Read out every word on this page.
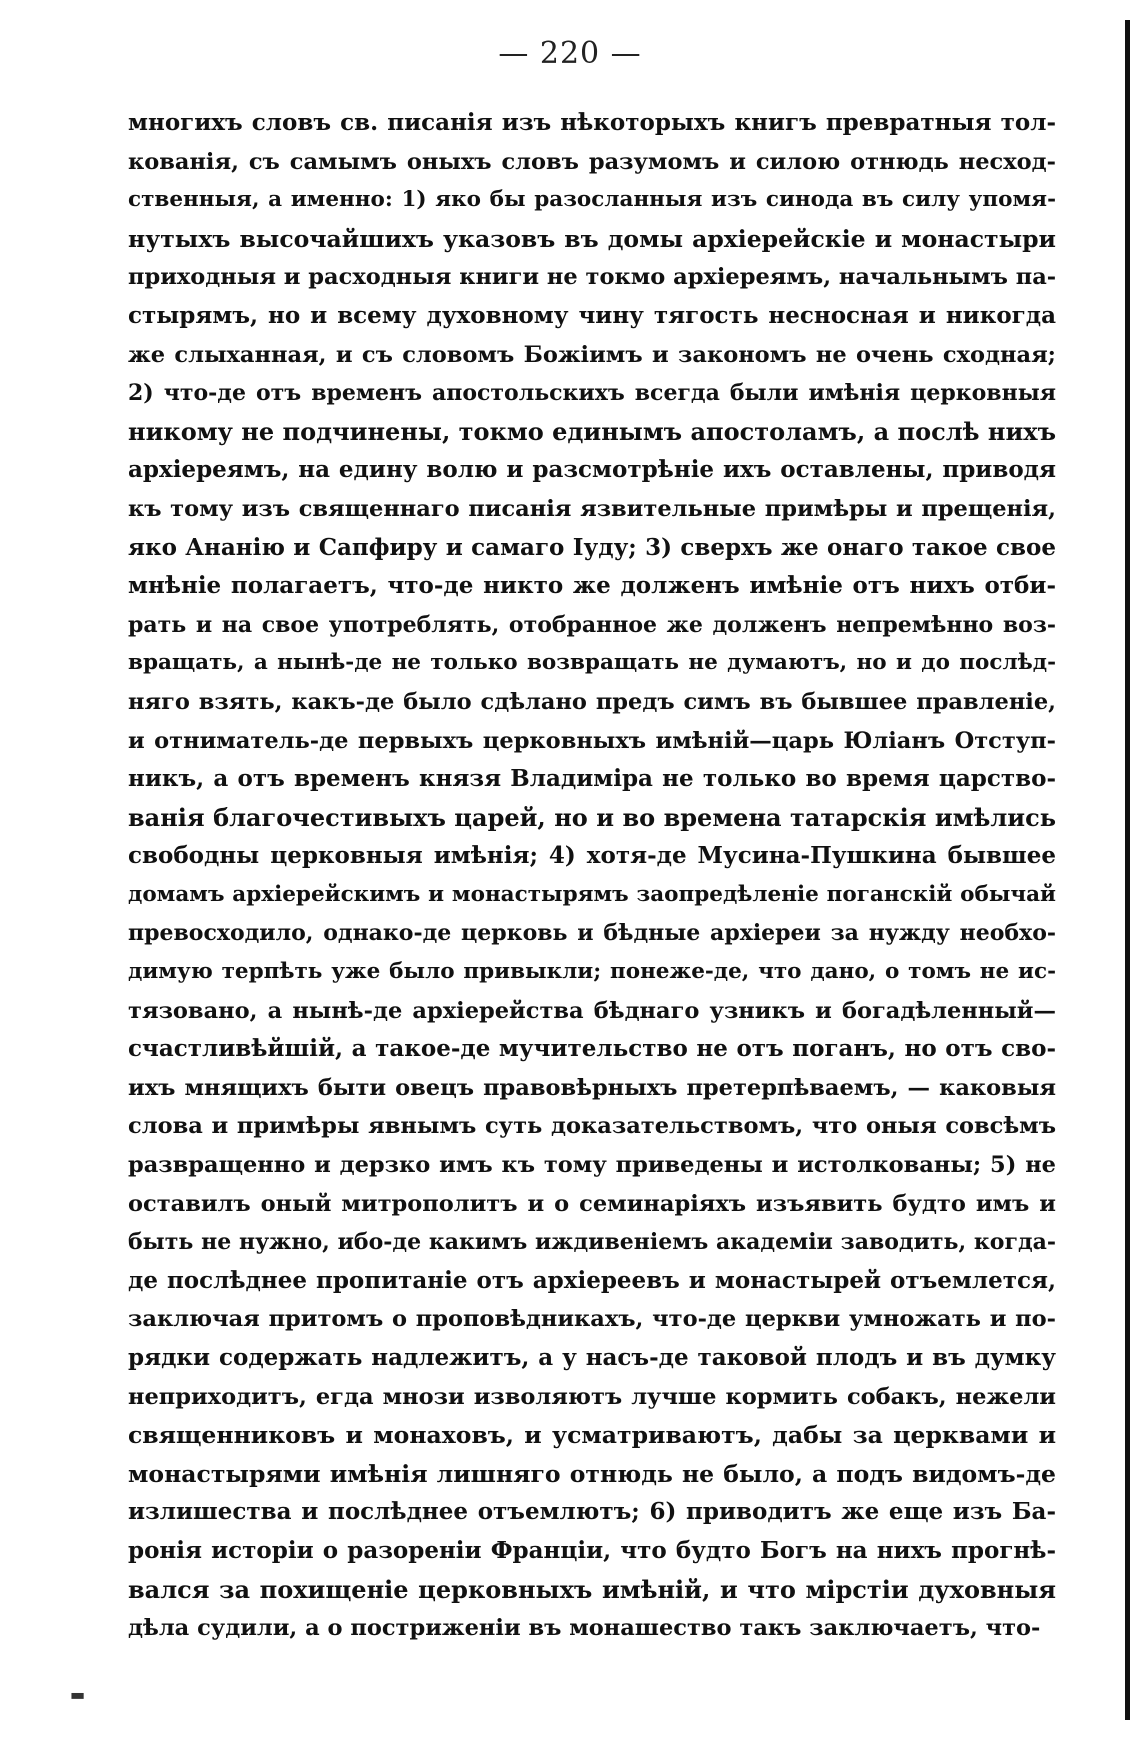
— 220 —
многихъ словъ св. писанія изъ нѣкоторыхъ книгъ превратныя тол-
кованія, съ самымъ оныхъ словъ разумомъ и силою отнюдь несход-
ственныя, а именно: 1) яко бы разосланныя изъ синода въ силу упомя-
нутыхъ высочайшихъ указовъ въ домы архіерейскіе и монастыри
приходныя и расходныя книги не токмо архіереямъ, начальнымъ па-
стырямъ, но и всему духовному чину тягость несносная и никогда
же слыханная, и съ словомъ Божіимъ и закономъ не очень сходная;
2) что-де отъ временъ апостольскихъ всегда были имѣнія церковныя
никому не подчинены, токмо единымъ апостоламъ, а послѣ нихъ
архіереямъ, на едину волю и разсмотрѣніе ихъ оставлены, приводя
къ тому изъ священнаго писанія язвительные примѣры и прещенія,
яко Ананію и Сапфиру и самаго Іуду; 3) сверхъ же онаго такое свое
мнѣніе полагаетъ, что-де никто же долженъ имѣніе отъ нихъ отби-
рать и на свое употреблять, отобранное же долженъ непремѣнно воз-
вращать, а нынѣ-де не только возвращать не думаютъ, но и до послѣд-
няго взять, какъ-де было сдѣлано предъ симъ въ бывшее правленіе,
и отниматель-де первыхъ церковныхъ имѣній—царь Юліанъ Отступ-
никъ, а отъ временъ князя Владиміра не только во время царство-
ванія благочестивыхъ царей, но и во времена татарскія имѣлись
свободны церковныя имѣнія; 4) хотя-де Мусина-Пушкина бывшее
домамъ архіерейскимъ и монастырямъ заопредѣленіе поганскій обычай
превосходило, однако-де церковь и бѣдные архіереи за нужду необхо-
димую терпѣть уже было привыкли; понеже-де, что дано, о томъ не ис-
тязовано, а нынѣ-де архіерейства бѣднаго узникъ и богадѣленный—
счастливѣйшій, а такое-де мучительство не отъ поганъ, но отъ сво-
ихъ мнящихъ быти овецъ правовѣрныхъ претерпѣваемъ, — каковыя
слова и примѣры явнымъ суть доказательствомъ, что оныя совсѣмъ
развращенно и дерзко имъ къ тому приведены и истолкованы; 5) не
оставилъ оный митрополитъ и о семинаріяхъ изъявить будто имъ и
быть не нужно, ибо-де какимъ иждивеніемъ академіи заводить, когда-
де послѣднее пропитаніе отъ архіереевъ и монастырей отъемлется,
заключая притомъ о проповѣдникахъ, что-де церкви умножать и по-
рядки содержать надлежитъ, а у насъ-де таковой плодъ и въ думку
неприходитъ, егда мнози изволяютъ лучше кормить собакъ, нежели
священниковъ и монаховъ, и усматриваютъ, дабы за церквами и
монастырями имѣнія лишняго отнюдь не было, а подъ видомъ-де
излишества и послѣднее отъемлютъ; 6) приводитъ же еще изъ Ба-
ронія исторіи о разореніи Франціи, что будто Богъ на нихъ прогнѣ-
вался за похищеніе церковныхъ имѣній, и что мірстіи духовныя
дѣла судили, а о постриженіи въ монашество такъ заключаетъ, что-
▬
